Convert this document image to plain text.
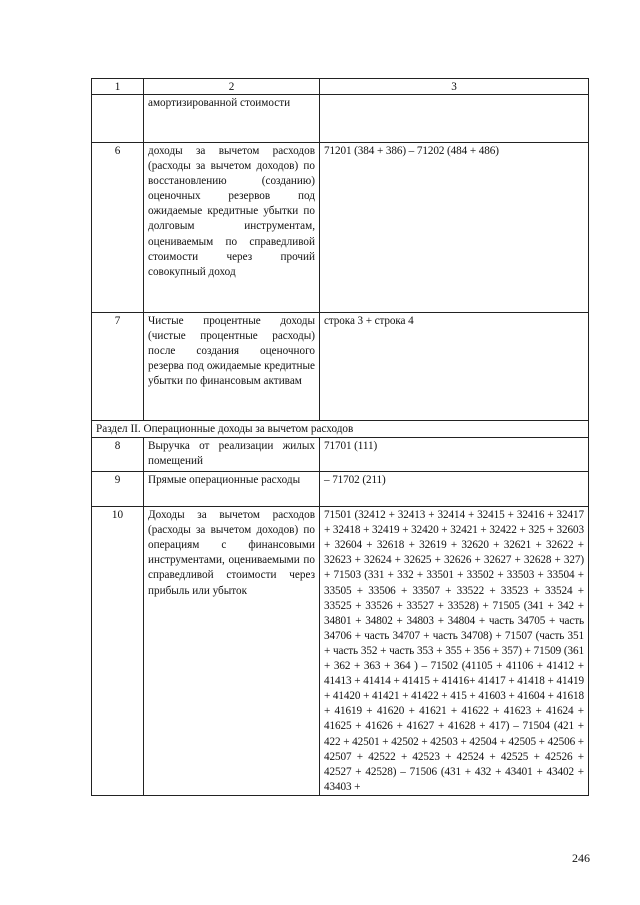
1	2	3
	амортизированной стоимости	
6	доходы за вычетом расходов (расходы за вычетом доходов) по восстановлению (созданию) оценочных резервов под ожидаемые кредитные убытки по долговым инструментам, оцениваемым по справедливой стоимости через прочий совокупный доход	71201 (384 + 386) – 71202 (484 + 486)
7	Чистые процентные доходы (чистые процентные расходы) после создания оценочного резерва под ожидаемые кредитные убытки по финансовым активам	строка 3 + строка 4
Раздел II. Операционные доходы за вычетом расходов		
8	Выручка от реализации жилых помещений	71701 (111)
9	Прямые операционные расходы	– 71702 (211)
10	Доходы за вычетом расходов (расходы за вычетом доходов) по операциям с финансовыми инструментами, оцениваемыми по справедливой стоимости через прибыль или убыток	71501 (32412 + 32413 + 32414 + 32415 + 32416 + 32417 + 32418 + 32419 + 32420 + 32421 + 32422 + 325 + 32603 + 32604 + 32618 + 32619 + 32620 + 32621 + 32622 + 32623 + 32624 + 32625 + 32626 + 32627 + 32628 + 327) + 71503 (331 + 332 + 33501 + 33502 + 33503 + 33504 + 33505 + 33506 + 33507 + 33522 + 33523 + 33524 + 33525 + 33526 + 33527 + 33528) + 71505 (341 + 342 + 34801 + 34802 + 34803 + 34804 + часть 34705 + часть 34706 + часть 34707 + часть 34708) + 71507 (часть 351 + часть 352 + часть 353 + 355 + 356 + 357) + 71509 (361 + 362 + 363 + 364 ) – 71502 (41105 + 41106 + 41412 + 41413 + 41414 + 41415 + 41416+ 41417 + 41418 + 41419 + 41420 + 41421 + 41422 + 415 + 41603 + 41604 + 41618 + 41619 + 41620 + 41621 + 41622 + 41623 + 41624 + 41625 + 41626 + 41627 + 41628 + 417) – 71504 (421 + 422 + 42501 + 42502 + 42503 + 42504 + 42505 + 42506 + 42507 + 42522 + 42523 + 42524 + 42525 + 42526 + 42527 + 42528) – 71506 (431 + 432 + 43401 + 43402 + 43403 +
246
